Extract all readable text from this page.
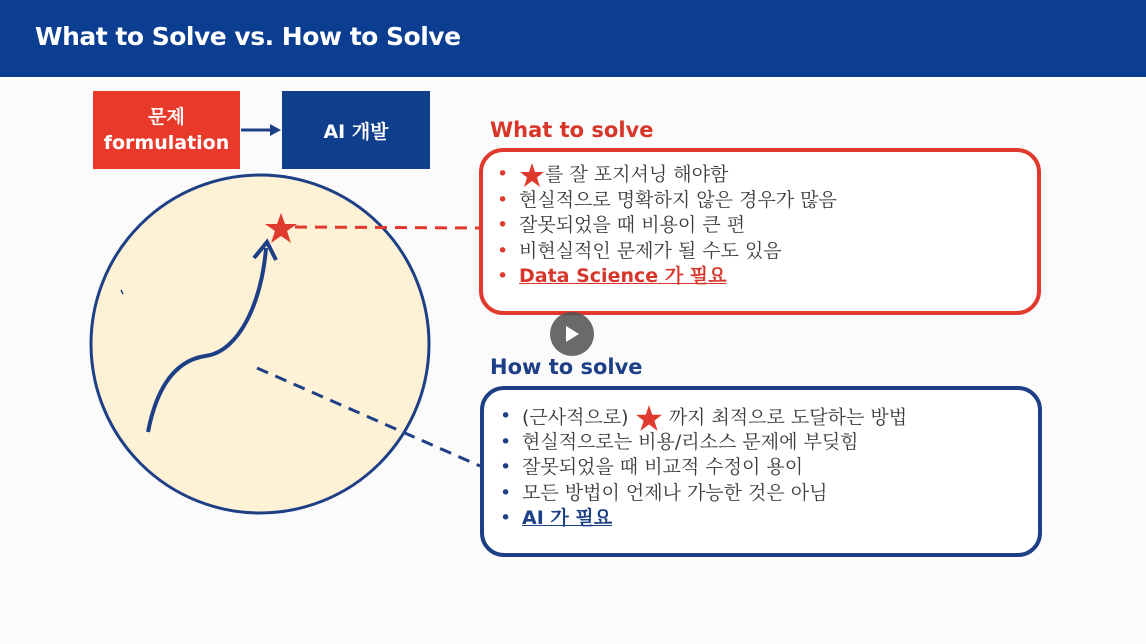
What to Solve vs. How to Solve
문제
formulation
AI 개발	What to solve
• 를 잘 포지셔닝 해야함
• 현실적으로 명확하지 않은 경우가 많음
• 잘못되었을 때 비용이 큰 편
• 비현실적인 문제가 될 수도 있음
• Data Science 가 필요
How to solve
• (근사적으로) 까지 최적으로 도달하는 방법
• 현실적으로는 비용/리소스 문제에 부딪힘
• 잘못되었을 때 비교적 수정이 용이
• 모든 방법이 언제나 가능한 것은 아님
• AI 가 필요
